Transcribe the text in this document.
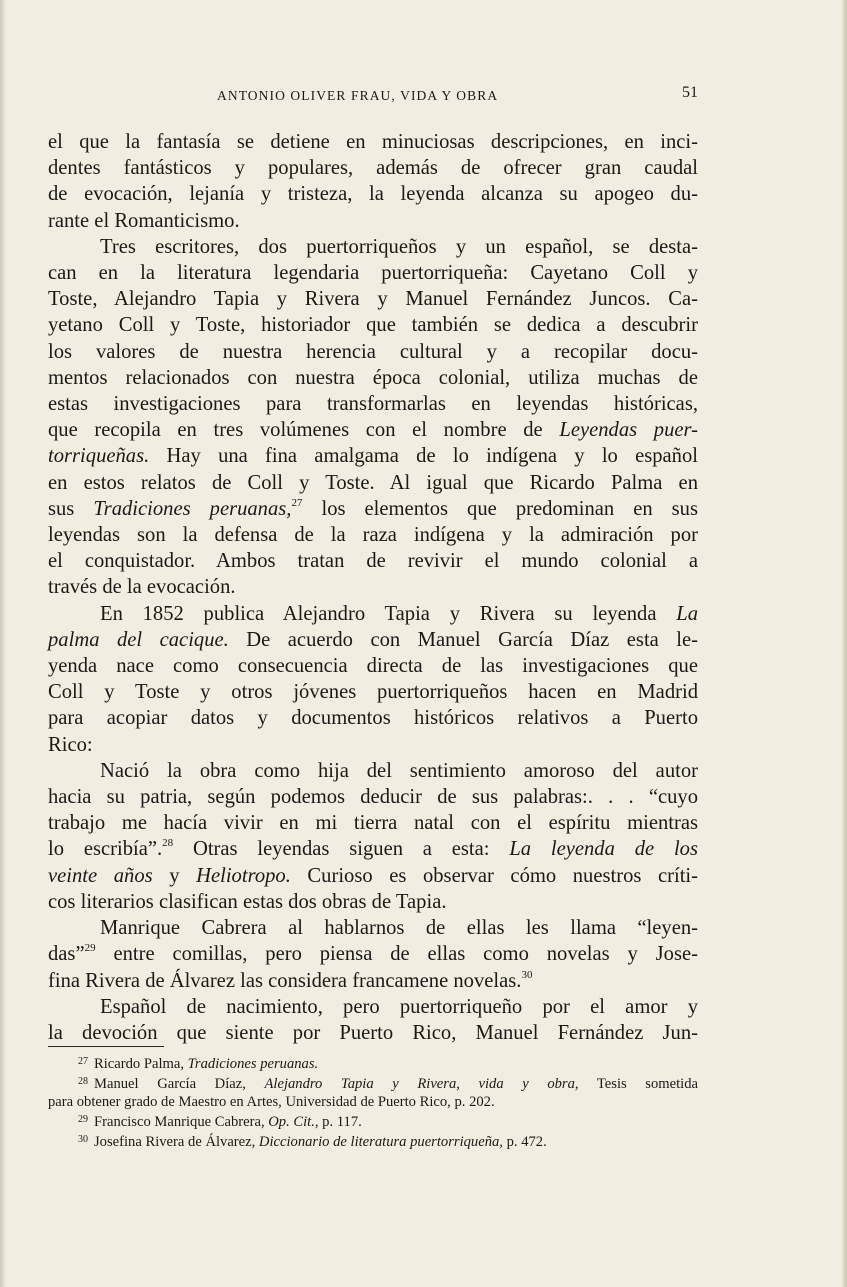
ANTONIO OLIVER FRAU, VIDA Y OBRA	51
el que la fantasía se detiene en minuciosas descripciones, en inci-
dentes fantásticos y populares, además de ofrecer gran caudal
de evocación, lejanía y tristeza, la leyenda alcanza su apogeo du-
rante el Romanticismo.
Tres escritores, dos puertorriqueños y un español, se desta-
can en la literatura legendaria puertorriqueña: Cayetano Coll y
Toste, Alejandro Tapia y Rivera y Manuel Fernández Juncos. Ca-
yetano Coll y Toste, historiador que también se dedica a descubrir
los valores de nuestra herencia cultural y a recopilar docu-
mentos relacionados con nuestra época colonial, utiliza muchas de
estas investigaciones para transformarlas en leyendas históricas,
que recopila en tres volúmenes con el nombre de Leyendas puer-
torriqueñas. Hay una fina amalgama de lo indígena y lo español
en estos relatos de Coll y Toste. Al igual que Ricardo Palma en
sus Tradiciones peruanas,$^{27}$ los elementos que predominan en sus
leyendas son la defensa de la raza indígena y la admiración por
el conquistador. Ambos tratan de revivir el mundo colonial a
través de la evocación.
En 1852 publica Alejandro Tapia y Rivera su leyenda La
palma del cacique. De acuerdo con Manuel García Díaz esta le-
yenda nace como consecuencia directa de las investigaciones que
Coll y Toste y otros jóvenes puertorriqueños hacen en Madrid
para acopiar datos y documentos históricos relativos a Puerto
Rico:
Nació la obra como hija del sentimiento amoroso del autor
hacia su patria, según podemos deducir de sus palabras:. . . “cuyo
trabajo me hacía vivir en mi tierra natal con el espíritu mientras
lo escribía”.$^{28}$ Otras leyendas siguen a esta: La leyenda de los
veinte años y Heliotropo. Curioso es observar cómo nuestros críti-
cos literarios clasifican estas dos obras de Tapia.
Manrique Cabrera al hablarnos de ellas les llama “leyen-
das”$^{29}$ entre comillas, pero piensa de ellas como novelas y Jose-
fina Rivera de Álvarez las considera francamene novelas.$^{30}$
Español de nacimiento, pero puertorriqueño por el amor y
la devoción que siente por Puerto Rico, Manuel Fernández Jun-
$^{27}$ Ricardo Palma, Tradiciones peruanas.
$^{28}$ Manuel García Díaz, Alejandro Tapia y Rivera, vida y obra, Tesis sometida
para obtener grado de Maestro en Artes, Universidad de Puerto Rico, p. 202.
$^{29}$ Francisco Manrique Cabrera, Op. Cit., p. 117.
$^{30}$ Josefina Rivera de Álvarez, Diccionario de literatura puertorriqueña, p. 472.
